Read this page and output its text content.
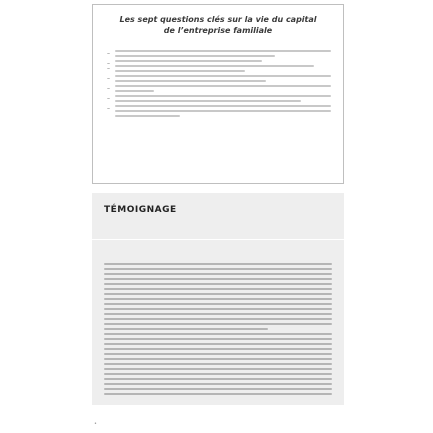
Les sept questions clés sur la vie du capital
de l’entreprise familiale
–
–
–
–
–
–
–
TÉMOIGNAGE
•
